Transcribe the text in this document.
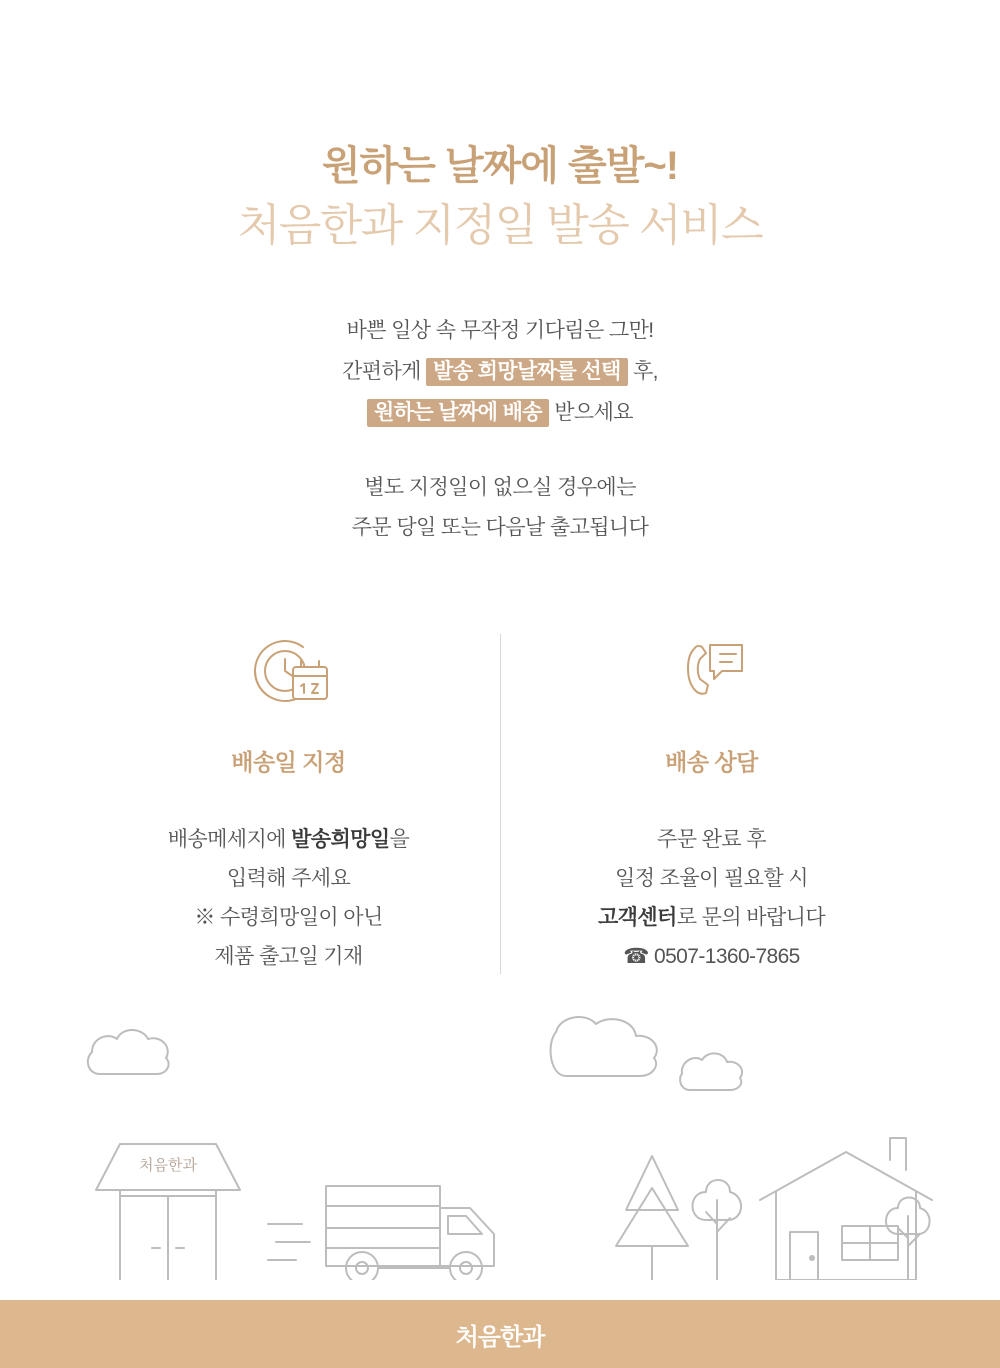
원하는 날짜에 출발~!
처음한과 지정일 발송 서비스
바쁜 일상 속 무작정 기다림은 그만!
간편하게 발송 희망날짜를 선택 후,
원하는 날짜에 배송 받으세요
별도 지정일이 없으실 경우에는
주문 당일 또는 다음날 출고됩니다
배송일 지정
배송메세지에 발송희망일을
입력해 주세요
※ 수령희망일이 아닌
제품 출고일 기재
배송 상담
주문 완료 후
일정 조율이 필요할 시
고객센터로 문의 바랍니다
☎ 0507-1360-7865
처음한과
처음한과
